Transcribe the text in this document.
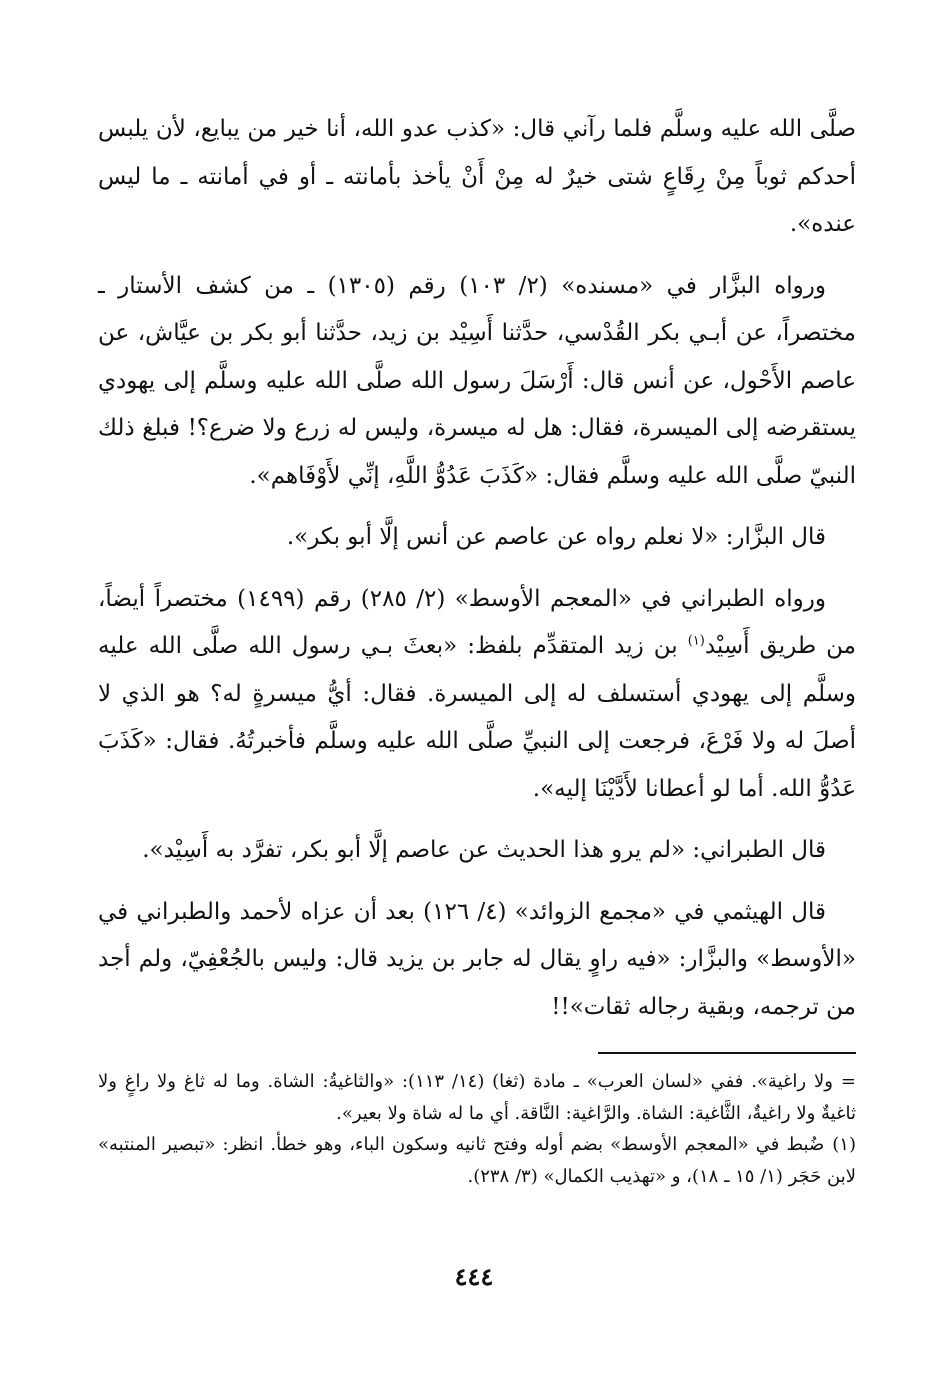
صلَّى الله عليه وسلَّم فلما رآني قال: «كذب عدو الله، أنا خير من يبايع، لأن يلبس أحدكم ثوباً مِنْ رِقَاعٍ شتى خيرٌ له مِنْ أَنْ يأخذ بأمانته ـ أو في أمانته ـ ما ليس عنده».

ورواه البزَّار في «مسنده» (٢/ ١٠٣) رقم (١٣٠٥) ـ من كشف الأستار ـ مختصراً، عن أبـي بكر القُدْسي، حدَّثنا أَسِيْد بن زيد، حدَّثنا أبو بكر بن عيَّاش، عن عاصم الأَحْول، عن أنس قال: أَرْسَلَ رسول الله صلَّى الله عليه وسلَّم إلى يهودي يستقرضه إلى الميسرة، فقال: هل له ميسرة، وليس له زرع ولا ضرع؟! فبلغ ذلك النبيّ صلَّى الله عليه وسلَّم فقال: «كَذَبَ عَدُوُّ اللَّهِ، إنِّي لأَوْفَاهم».

قال البزَّار: «لا نعلم رواه عن عاصم عن أنس إلَّا أبو بكر».

ورواه الطبراني في «المعجم الأوسط» (٢/ ٢٨٥) رقم (١٤٩٩) مختصراً أيضاً، من طريق أَسِيْد$^{(١)}$ بن زيد المتقدِّم بلفظ: «بعثَ بـي رسول الله صلَّى الله عليه وسلَّم إلى يهودي أستسلف له إلى الميسرة. فقال: أيُّ ميسرةٍ له؟ هو الذي لا أصلَ له ولا فَرْعَ، فرجعت إلى النبيِّ صلَّى الله عليه وسلَّم فأخبرتُهُ. فقال: «كَذَبَ عَدُوُّ الله. أما لو أعطانا لأَدَّيْنَا إليه».

قال الطبراني: «لم يرو هذا الحديث عن عاصم إلَّا أبو بكر، تفرَّد به أَسِيْد».

قال الهيثمي في «مجمع الزوائد» (٤/ ١٢٦) بعد أن عزاه لأحمد والطبراني في «الأوسط» والبزَّار: «فيه راوٍ يقال له جابر بن يزيد قال: وليس بالجُعْفِيّ، ولم أجد من ترجمه، وبقية رجاله ثقات»!!

=ولا راغية». ففي «لسان العرب» ـ مادة (ثغا) (١٤/ ١١٣): «والثاغيةُ: الشاة. وما له ثاغ ولا راغٍ ولا ثاغيةٌ ولا راغيةٌ، الثَّاغية: الشاة. والرَّاغية: النَّاقة. أي ما له شاة ولا بعير».

(١)ضُبط في «المعجم الأوسط» بضم أوله وفتح ثانيه وسكون الباء، وهو خطأ. انظر: «تبصير المنتبه» لابن حَجَر (١/ ١٥ ـ ١٨)، و «تهذيب الكمال» (٣/ ٢٣٨).

٤٤٤
